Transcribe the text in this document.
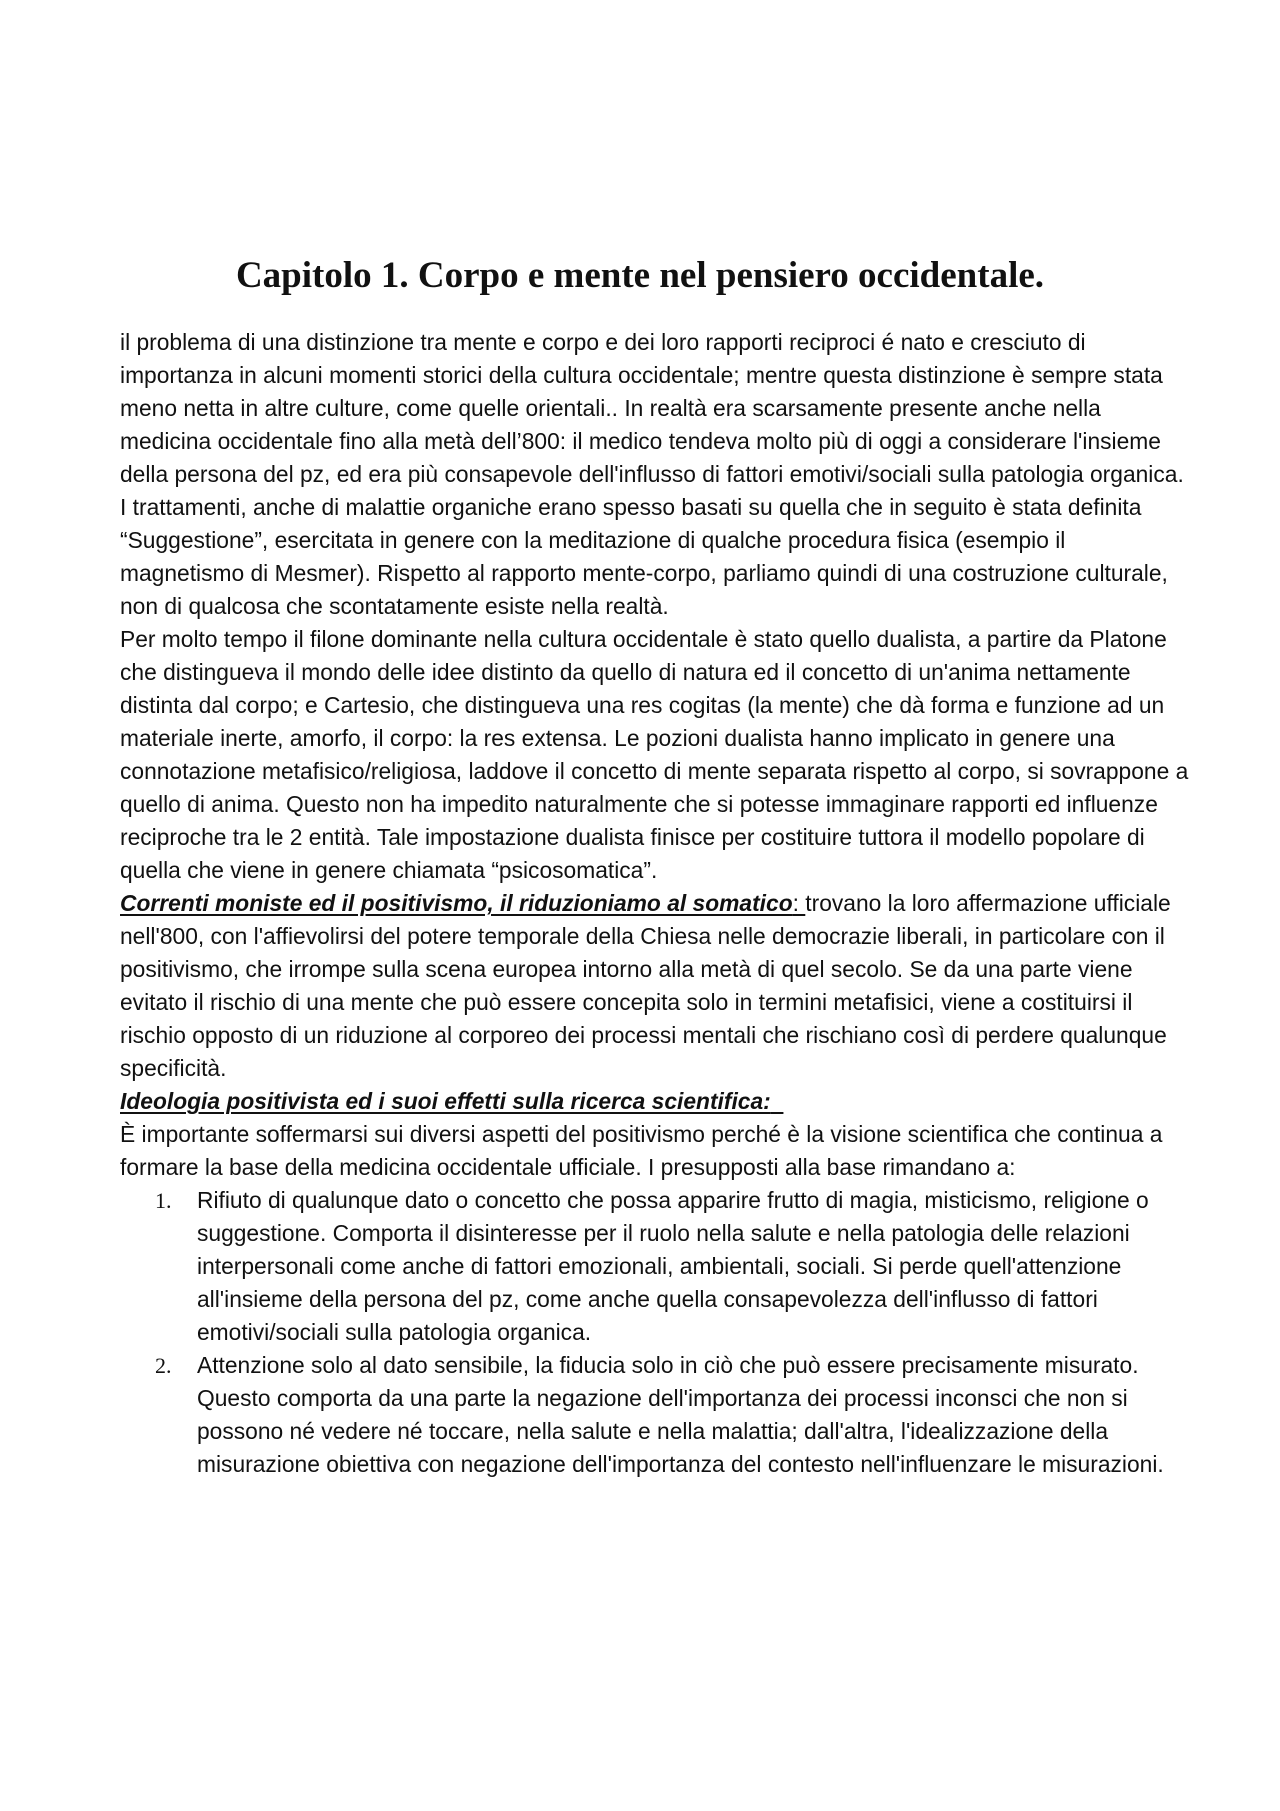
Capitolo 1. Corpo e mente nel pensiero occidentale.

il problema di una distinzione tra mente e corpo e dei loro rapporti reciproci é nato e cresciuto di importanza in alcuni momenti storici della cultura occidentale; mentre questa distinzione è sempre stata meno netta in altre culture, come quelle orientali.. In realtà era scarsamente presente anche nella medicina occidentale fino alla metà dell’800: il medico tendeva molto più di oggi a considerare l'insieme della persona del pz, ed era più consapevole dell'influsso di fattori emotivi/sociali sulla patologia organica. I trattamenti, anche di malattie organiche erano spesso basati su quella che in seguito è stata definita “Suggestione”, esercitata in genere con la meditazione di qualche procedura fisica (esempio il magnetismo di Mesmer). Rispetto al rapporto mente-corpo, parliamo quindi di una costruzione culturale, non di qualcosa che scontatamente esiste nella realtà.

Per molto tempo il filone dominante nella cultura occidentale è stato quello dualista, a partire da Platone che distingueva il mondo delle idee distinto da quello di natura ed il concetto di un'anima nettamente distinta dal corpo; e Cartesio, che distingueva una res cogitas (la mente) che dà forma e funzione ad un materiale inerte, amorfo, il corpo: la res extensa. Le pozioni dualista hanno implicato in genere una connotazione metafisico/religiosa, laddove il concetto di mente separata rispetto al corpo, si sovrappone a quello di anima. Questo non ha impedito naturalmente che si potesse immaginare rapporti ed influenze reciproche tra le 2 entità. Tale impostazione dualista finisce per costituire tuttora il modello popolare di quella che viene in genere chiamata “psicosomatica”.

Correnti moniste ed il positivismo, il riduzioniamo al somatico: trovano la loro affermazione ufficiale nell'800, con l'affievolirsi del potere temporale della Chiesa nelle democrazie liberali, in particolare con il positivismo, che irrompe sulla scena europea intorno alla metà di quel secolo. Se da una parte viene evitato il rischio di una mente che può essere concepita solo in termini metafisici, viene a costituirsi il rischio opposto di un riduzione al corporeo dei processi mentali che rischiano così di perdere qualunque specificità.

Ideologia positivista ed i suoi effetti sulla ricerca scientifica:

È importante soffermarsi sui diversi aspetti del positivismo perché è la visione scientifica che continua a formare la base della medicina occidentale ufficiale. I presupposti alla base rimandano a:

1. Rifiuto di qualunque dato o concetto che possa apparire frutto di magia, misticismo, religione o suggestione. Comporta il disinteresse per il ruolo nella salute e nella patologia delle relazioni interpersonali come anche di fattori emozionali, ambientali, sociali. Si perde quell'attenzione all'insieme della persona del pz, come anche quella consapevolezza dell'influsso di fattori emotivi/sociali sulla patologia organica.
2. Attenzione solo al dato sensibile, la fiducia solo in ciò che può essere precisamente misurato. Questo comporta da una parte la negazione dell'importanza dei processi inconsci che non si possono né vedere né toccare, nella salute e nella malattia; dall'altra, l'idealizzazione della misurazione obiettiva con negazione dell'importanza del contesto nell'influenzare le misurazioni.
